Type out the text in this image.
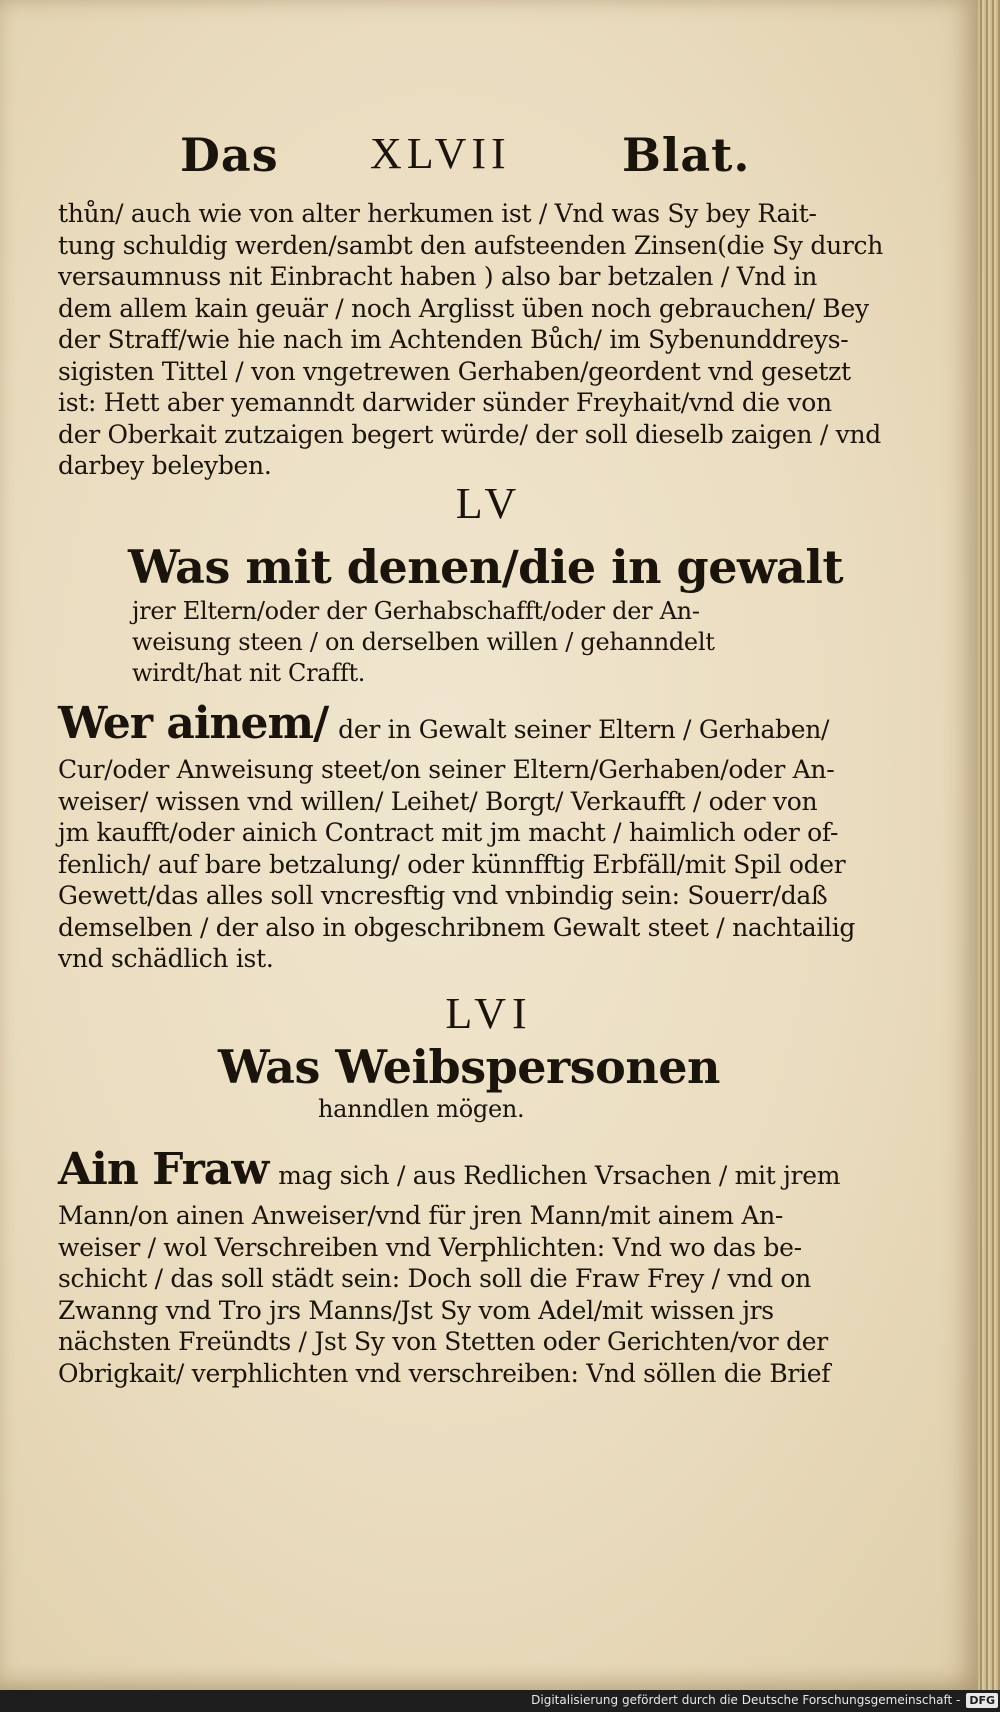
Das XLVII Blat.
thůn/ auch wie von alter herkumen ist / Vnd was Sy bey Rait-
tung schuldig werden/sambt den aufsteenden Zinsen(die Sy durch
versaumnuss nit Einbracht haben ) also bar betzalen / Vnd in
dem allem kain geuär / noch Arglisst üben noch gebrauchen/ Bey
der Straff/wie hie nach im Achtenden Bůch/ im Sybenunddreys-
sigisten Tittel / von vngetrewen Gerhaben/geordent vnd gesetzt
ist: Hett aber yemanndt darwider sünder Freyhait/vnd die von
der Oberkait zutzaigen begert würde/ der soll dieselb zaigen / vnd
darbey beleyben.
LV
Was mit denen/die in gewalt
jrer Eltern/oder der Gerhabschafft/oder der An-
weisung steen / on derselben willen / gehanndelt
wirdt/hat nit Crafft.
Wer ainem/ der in Gewalt seiner Eltern / Gerhaben/
Cur/oder Anweisung steet/on seiner Eltern/Gerhaben/oder An-
weiser/ wissen vnd willen/ Leihet/ Borgt/ Verkaufft / oder von
jm kaufft/oder ainich Contract mit jm macht / haimlich oder of-
fenlich/ auf bare betzalung/ oder künnfftig Erbfäll/mit Spil oder
Gewett/das alles soll vncresftig vnd vnbindig sein: Souerr/daß
demselben / der also in obgeschribnem Gewalt steet / nachtailig
vnd schädlich ist.
LVI
Was Weibspersonen
hanndlen mögen.
Ain Fraw mag sich / aus Redlichen Vrsachen / mit jrem
Mann/on ainen Anweiser/vnd für jren Mann/mit ainem An-
weiser / wol Verschreiben vnd Verphlichten: Vnd wo das be-
schicht / das soll städt sein: Doch soll die Fraw Frey / vnd on
Zwanng vnd Tro jrs Manns/Jst Sy vom Adel/mit wissen jrs
nächsten Freündts / Jst Sy von Stetten oder Gerichten/vor der
Obrigkait/ verphlichten vnd verschreiben: Vnd söllen die Brief
Digitalisierung gefördert durch die Deutsche Forschungsgemeinschaft - DFG
